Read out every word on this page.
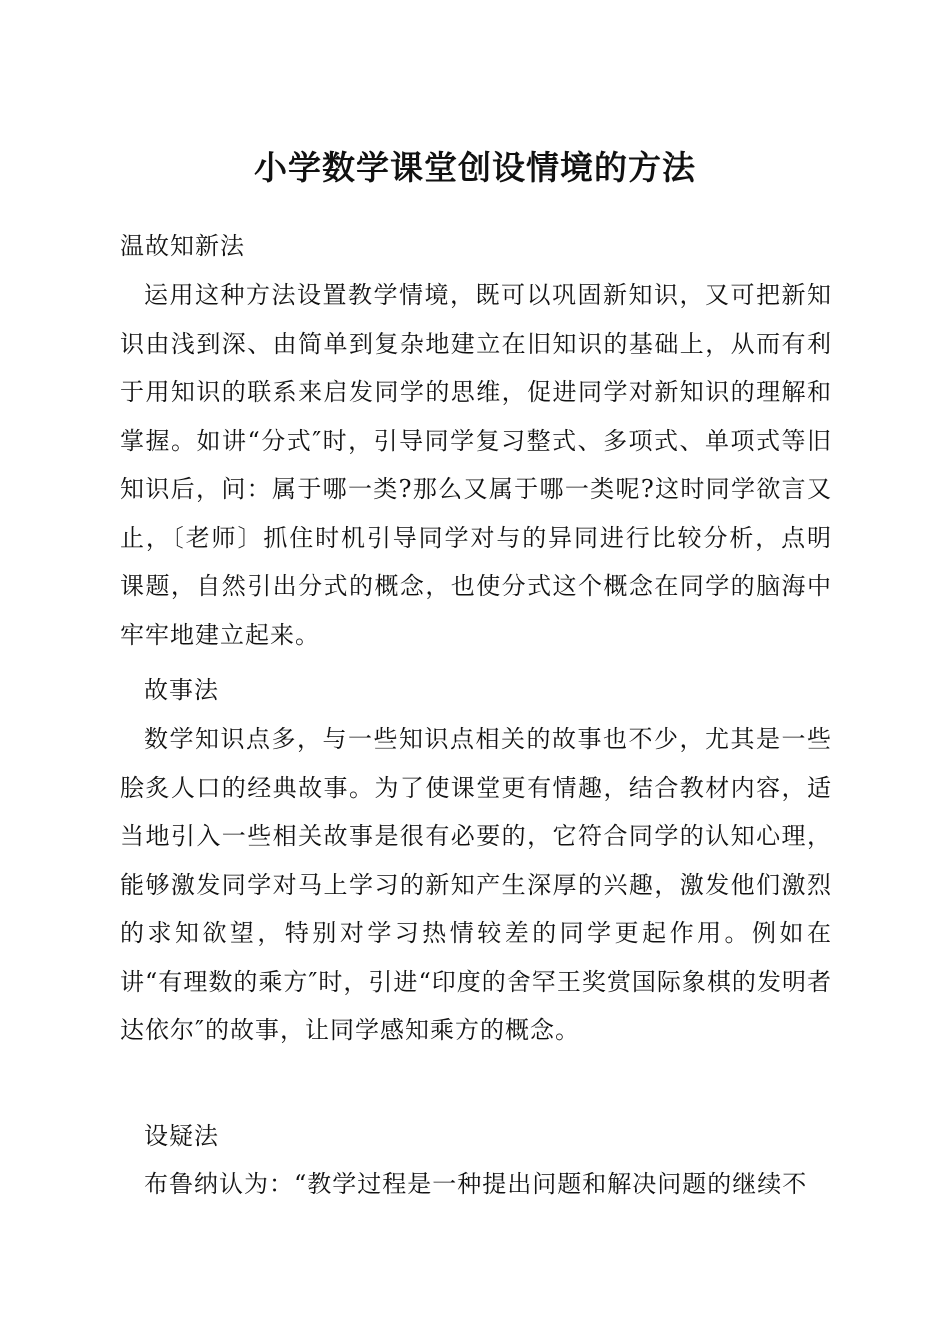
小学数学课堂创设情境的方法
温故知新法
运用这种方法设置教学情境，既可以巩固新知识，又可把新知识由浅到深、由简单到复杂地建立在旧知识的基础上，从而有利于用知识的联系来启发同学的思维，促进同学对新知识的理解和掌握。如讲“分式″时，引导同学复习整式、多项式、单项式等旧知识后，问：属于哪一类?那么又属于哪一类呢?这时同学欲言又止，〔老师〕抓住时机引导同学对与的异同进行比较分析，点明课题，自然引出分式的概念，也使分式这个概念在同学的脑海中牢牢地建立起来。
故事法
数学知识点多，与一些知识点相关的故事也不少，尤其是一些脍炙人口的经典故事。为了使课堂更有情趣，结合教材内容，适当地引入一些相关故事是很有必要的，它符合同学的认知心理，能够激发同学对马上学习的新知产生深厚的兴趣，激发他们激烈的求知欲望，特别对学习热情较差的同学更起作用。例如在讲“有理数的乘方″时，引进“印度的舍罕王奖赏国际象棋的发明者达依尔″的故事，让同学感知乘方的概念。
设疑法
布鲁纳认为：“教学过程是一种提出问题和解决问题的继续不
